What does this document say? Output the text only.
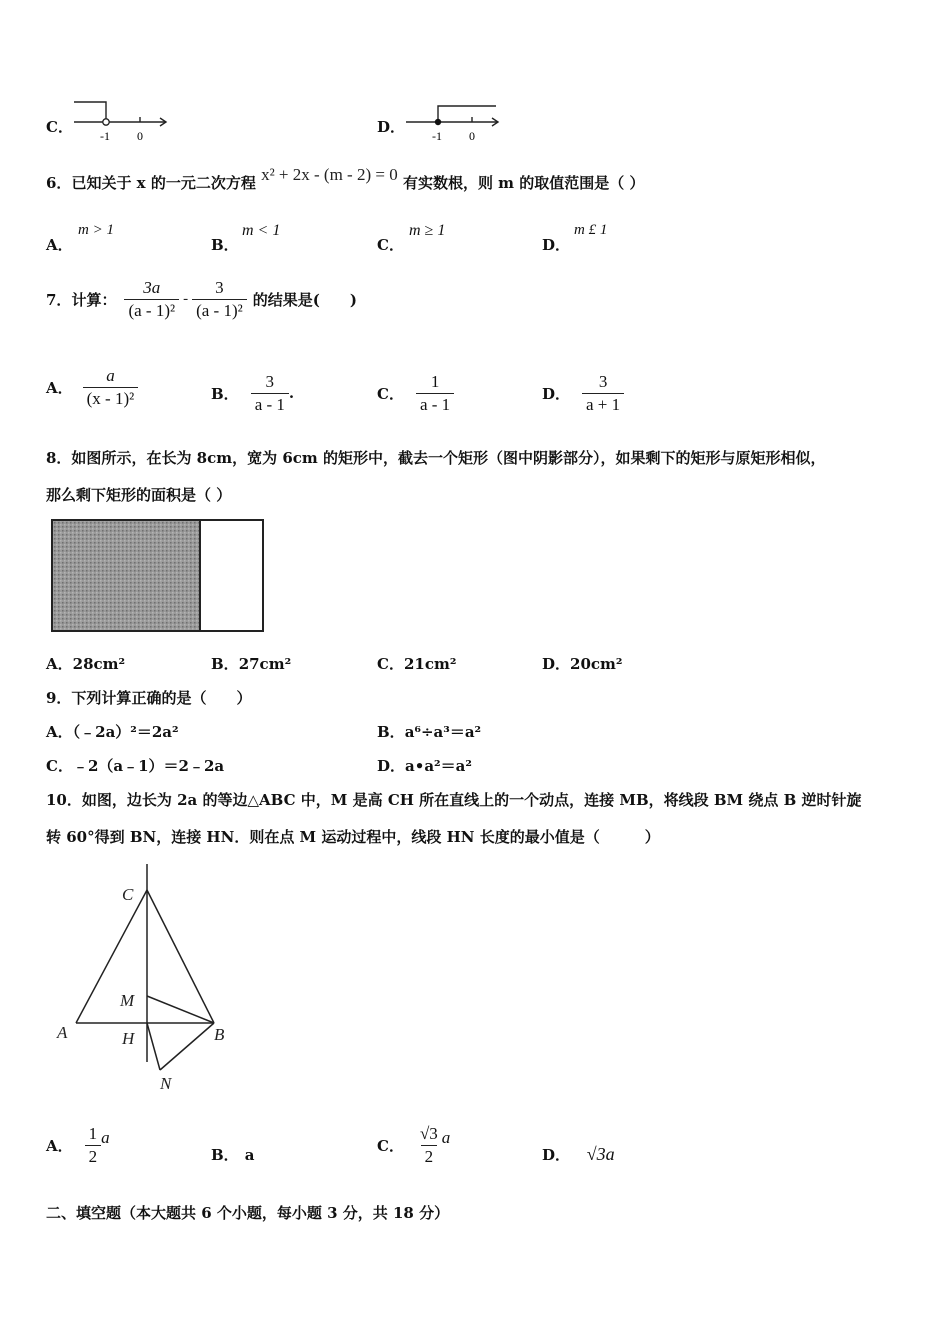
C． -1 0	D． -1 0
6．已知关于 x 的一元二次方程 x² + 2x - (m - 2) = 0 有实数根，则 m 的取值范围是（ ）
A．
m > 1
B．
m < 1
C．
m ≥ 1
D．
m £ 1
7． 计算： $\frac{3a}{\text{(a - 1)²}} - \frac{3}{\text{(a - 1)²}}$ 的结果是(　　)
A． $\frac{a}{\text{(x - 1)²}}$	B． $\frac{3}{a - 1}$ .	C． $\frac{1}{a - 1}$	D． $\frac{3}{a + 1}$
8．如图所示，在长为 8cm，宽为 6cm 的矩形中，截去一个矩形（图中阴影部分），如果剩下的矩形与原矩形相似，
那么剩下矩形的面积是（ ）
A．28cm²	B．27cm²	C．21cm²	D．20cm²
9．下列计算正确的是（　　）
A．（﹣2a）²＝2a²	B．a⁶÷a³＝a²
C．﹣2（a﹣1）＝2﹣2a	D．a•a²＝a²
10．如图，边长为 2a 的等边△ABC 中，M 是高 CH 所在直线上的一个动点，连接 MB，将线段 BM 绕点 B 逆时针旋
转 60°得到 BN，连接 HN．则在点 M 运动过程中，线段 HN 长度的最小值是（　　　）
C
M
A	H	B
N
A． $\frac{1}{2}$ a
B． a
C． $\frac{√3}{2}$ a
D． √3a
二、填空题（本大题共 6 个小题，每小题 3 分，共 18 分）
